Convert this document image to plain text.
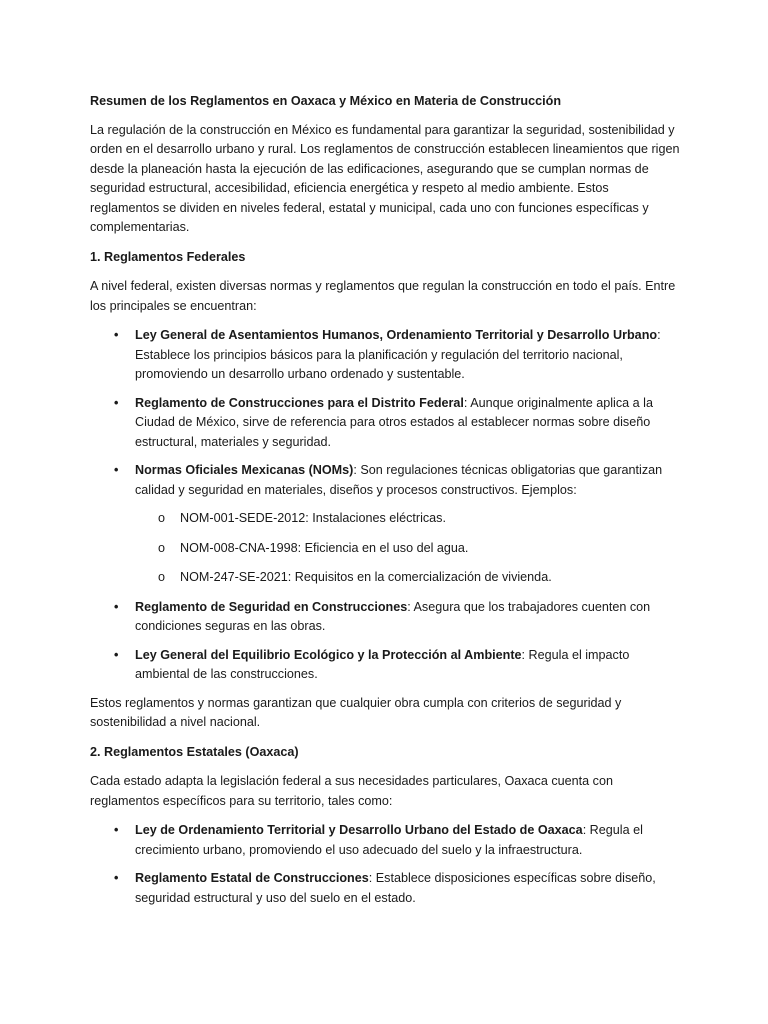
Resumen de los Reglamentos en Oaxaca y México en Materia de Construcción

La regulación de la construcción en México es fundamental para garantizar la seguridad, sostenibilidad y orden en el desarrollo urbano y rural. Los reglamentos de construcción establecen lineamientos que rigen desde la planeación hasta la ejecución de las edificaciones, asegurando que se cumplan normas de seguridad estructural, accesibilidad, eficiencia energética y respeto al medio ambiente. Estos reglamentos se dividen en niveles federal, estatal y municipal, cada uno con funciones específicas y complementarias.

1. Reglamentos Federales

A nivel federal, existen diversas normas y reglamentos que regulan la construcción en todo el país. Entre los principales se encuentran:

• Ley General de Asentamientos Humanos, Ordenamiento Territorial y Desarrollo Urbano: Establece los principios básicos para la planificación y regulación del territorio nacional, promoviendo un desarrollo urbano ordenado y sustentable.
• Reglamento de Construcciones para el Distrito Federal: Aunque originalmente aplica a la Ciudad de México, sirve de referencia para otros estados al establecer normas sobre diseño estructural, materiales y seguridad.
• Normas Oficiales Mexicanas (NOMs): Son regulaciones técnicas obligatorias que garantizan calidad y seguridad en materiales, diseños y procesos constructivos. Ejemplos:
o NOM-001-SEDE-2012: Instalaciones eléctricas.
o NOM-008-CNA-1998: Eficiencia en el uso del agua.
o NOM-247-SE-2021: Requisitos en la comercialización de vivienda.
• Reglamento de Seguridad en Construcciones: Asegura que los trabajadores cuenten con condiciones seguras en las obras.
• Ley General del Equilibrio Ecológico y la Protección al Ambiente: Regula el impacto ambiental de las construcciones.

Estos reglamentos y normas garantizan que cualquier obra cumpla con criterios de seguridad y sostenibilidad a nivel nacional.

2. Reglamentos Estatales (Oaxaca)

Cada estado adapta la legislación federal a sus necesidades particulares, Oaxaca cuenta con reglamentos específicos para su territorio, tales como:

• Ley de Ordenamiento Territorial y Desarrollo Urbano del Estado de Oaxaca: Regula el crecimiento urbano, promoviendo el uso adecuado del suelo y la infraestructura.
• Reglamento Estatal de Construcciones: Establece disposiciones específicas sobre diseño, seguridad estructural y uso del suelo en el estado.
